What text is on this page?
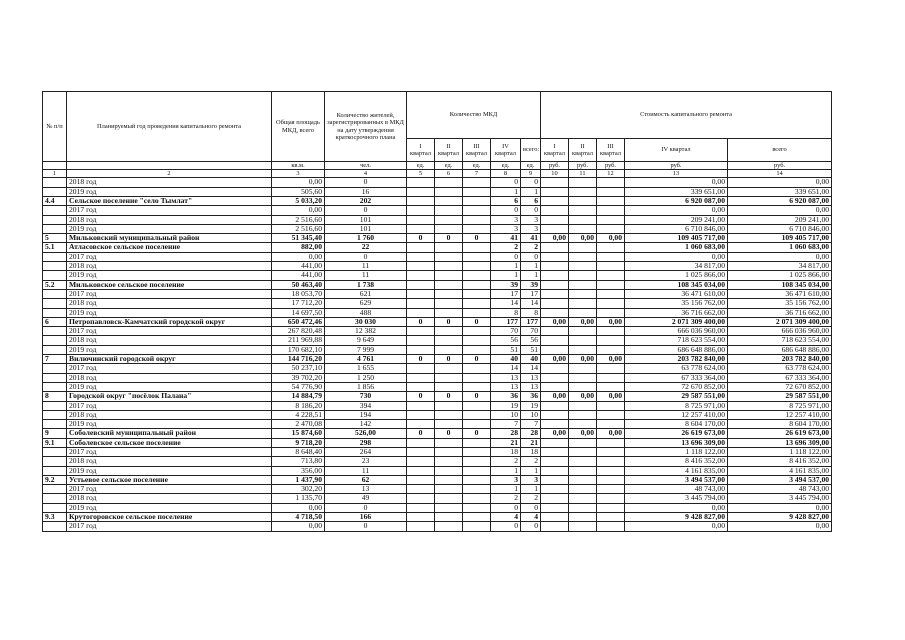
№ п/п	Планируемый год проведения капитального ремонта	Общая площадь МКД, всего	Количество жителей, зарегистрированных в МКД на дату утверждения краткосрочного плана	Количество МКД					Стоимость капитального ремонта				
				I квартал	II квартал	III квартал	IV квартал	всего:	I квартал	II квартал	III квартал	IV квартал	всего
		кв.м.	чел.	ед.	ед.	ед.	ед.	ед.	руб.	руб.	руб.	руб.	руб.
1	2	3	4	5	6	7	8	9	10	11	12	13	14
	2018 год	0,00	0				0	0				0,00	0,00
	2019 год	505,60	16				1	1				339 651,00	339 651,00
4.4	Сельское поселение "село Тымлат"	5 033,20	202				6	6				6 920 087,00	6 920 087,00
	2017 год	0,00	0				0	0				0,00	0,00
	2018 год	2 516,60	101				3	3				209 241,00	209 241,00
	2019 год	2 516,60	101				3	3				6 710 846,00	6 710 846,00
5	Мильковский муниципальный район	51 345,40	1 760	0	0	0	41	41	0,00	0,00	0,00	109 405 717,00	109 405 717,00
5.1	Атласовское сельское поселение	882,00	22				2	2				1 060 683,00	1 060 683,00
	2017 год	0,00	0				0	0				0,00	0,00
	2018 год	441,00	11				1	1				34 817,00	34 817,00
	2019 год	441,00	11				1	1				1 025 866,00	1 025 866,00
5.2	Мильковское сельское поселение	50 463,40	1 738				39	39				108 345 034,00	108 345 034,00
	2017 год	18 053,70	621				17	17				36 471 610,00	36 471 610,00
	2018 год	17 712,20	629				14	14				35 156 762,00	35 156 762,00
	2019 год	14 697,50	488				8	8				36 716 662,00	36 716 662,00
6	Петропавловск-Камчатский городской округ	650 472,46	30 030	0	0	0	177	177	0,00	0,00	0,00	2 071 309 400,00	2 071 309 400,00
	2017 год	267 820,48	12 382				70	70				666 036 960,00	666 036 960,00
	2018 год	211 969,88	9 649				56	56				718 623 554,00	718 623 554,00
	2019 год	170 682,10	7 999				51	51				686 648 886,00	686 648 886,00
7	Вилючинский городской округ	144 716,20	4 761	0	0	0	40	40	0,00	0,00	0,00	203 782 840,00	203 782 840,00
	2017 год	50 237,10	1 655				14	14				63 778 624,00	63 778 624,00
	2018 год	39 702,20	1 250				13	13				67 333 364,00	67 333 364,00
	2019 год	54 776,90	1 856				13	13				72 670 852,00	72 670 852,00
8	Городской округ "посёлок Палана"	14 884,79	730	0	0	0	36	36	0,00	0,00	0,00	29 587 551,00	29 587 551,00
	2017 год	8 186,20	394				19	19				8 725 971,00	8 725 971,00
	2018 год	4 228,51	194				10	10				12 257 410,00	12 257 410,00
	2019 год	2 470,08	142				7	7				8 604 170,00	8 604 170,00
9	Соболевский муниципальный район	15 874,60	526,00	0	0	0	28	28	0,00	0,00	0,00	26 619 673,00	26 619 673,00
9.1	Соболевское сельское поселение	9 718,20	298				21	21				13 696 309,00	13 696 309,00
	2017 год	8 648,40	264				18	18				1 118 122,00	1 118 122,00
	2018 год	713,80	23				2	2				8 416 352,00	8 416 352,00
	2019 год	356,00	11				1	1				4 161 835,00	4 161 835,00
9.2	Устьевое сельское поселение	1 437,90	62				3	3				3 494 537,00	3 494 537,00
	2017 год	302,20	13				1	1				48 743,00	48 743,00
	2018 год	1 135,70	49				2	2				3 445 794,00	3 445 794,00
	2019 год	0,00	0				0	0				0,00	0,00
9.3	Крутогоровское сельское поселение	4 718,50	166				4	4				9 428 827,00	9 428 827,00
	2017 год	0,00	0				0	0				0,00	0,00
